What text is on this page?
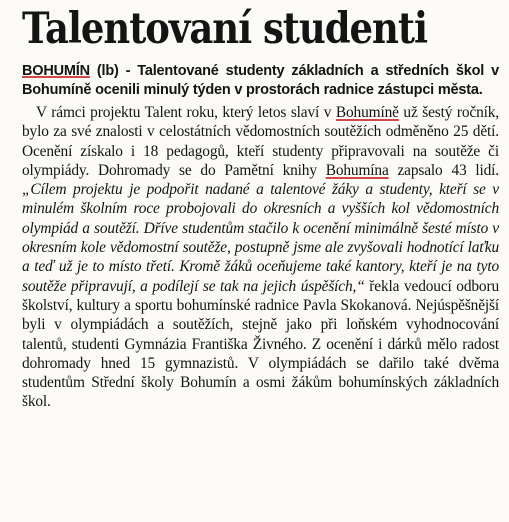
Talentovaní studenti

BOHUMÍN (lb) - Talentované studenty základních a středních škol v Bohumíně ocenili minulý týden v prostorách radnice zástupci města.

V rámci projektu Talent roku, který letos slaví v Bohumíně už šestý ročník, bylo za své znalosti v celostátních vědomostních soutěžích odměněno 25 dětí. Ocenění získalo i 18 pedagogů, kteří studenty připravovali na soutěže či olympiády. Dohromady se do Pamětní knihy Bohumína zapsalo 43 lidí. „Cílem projektu je podpořit nadané a talentové žáky a studenty, kteří se v minulém školním roce probojovali do okresních a vyšších kol vědomostních olympiád a soutěží. Dříve studentům stačilo k ocenění minimálně šesté místo v okresním kole vědomostní soutěže, postupně jsme ale zvyšovali hodnotící laťku a teď už je to místo třetí. Kromě žáků oceňujeme také kantory, kteří je na tyto soutěže připravují, a podílejí se tak na jejich úspěších,“ řekla vedoucí odboru školství, kultury a sportu bohumínské radnice Pavla Skokanová. Nejúspěšnější byli v olympiádách a soutěžích, stejně jako při loňském vyhodnocování talentů, studenti Gymnázia Františka Živného. Z ocenění i dárků mělo radost dohromady hned 15 gymnazistů. V olympiádách se dařilo také dvěma studentům Střední školy Bohumín a osmi žákům bohumínských základních škol.
